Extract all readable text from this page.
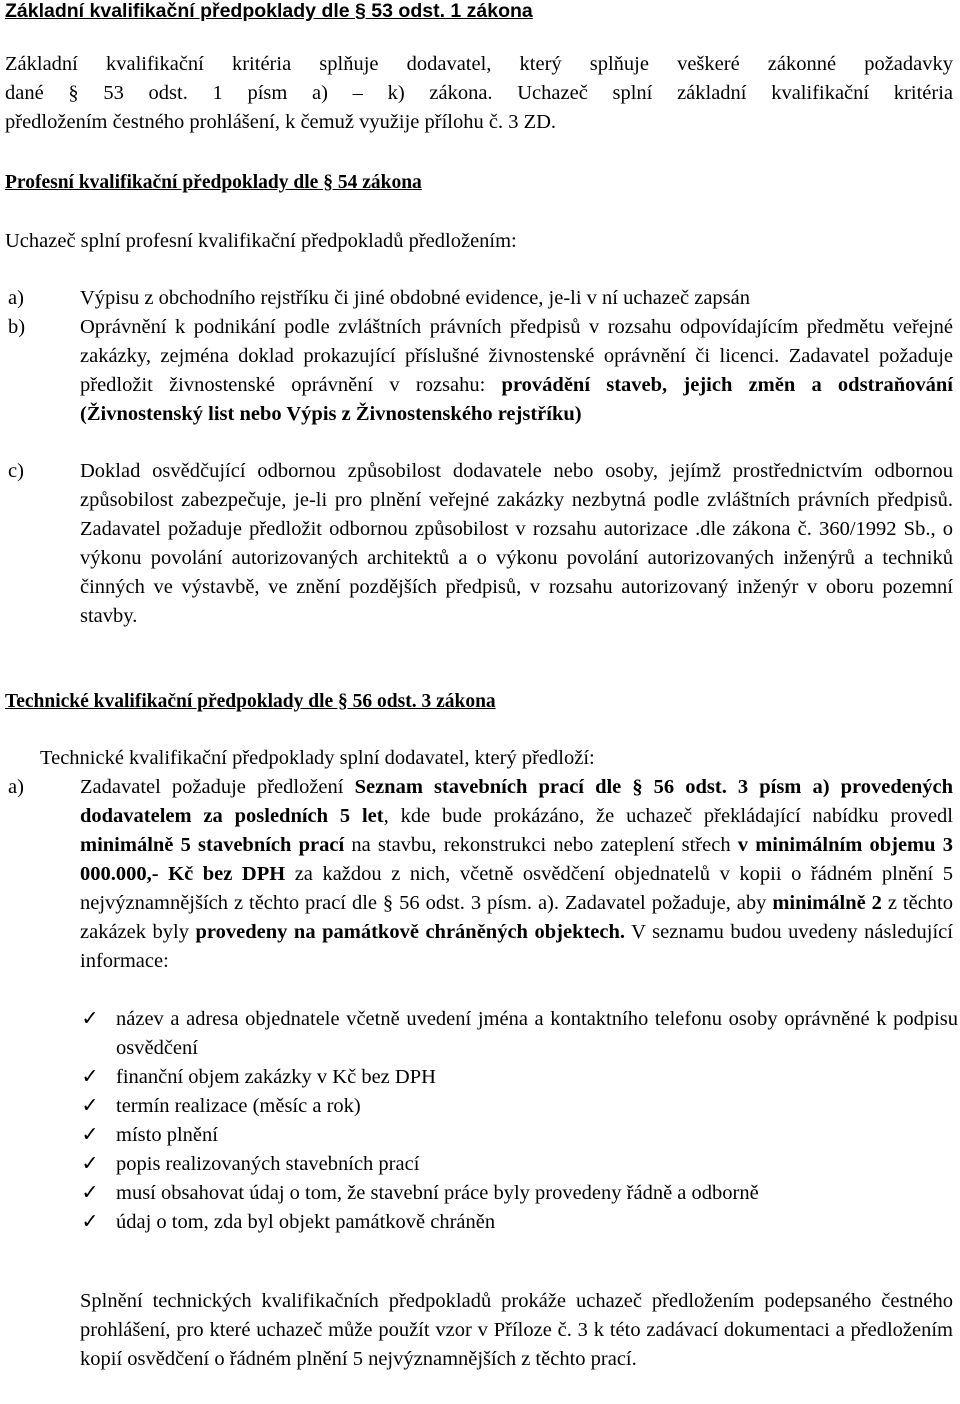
Základní kvalifikační předpoklady dle § 53 odst. 1 zákona
Základní kvalifikační kritéria splňuje dodavatel, který splňuje veškeré zákonné požadavky
dané § 53 odst. 1 písm a) – k) zákona. Uchazeč splní základní kvalifikační kritéria
předložením čestného prohlášení, k čemuž využije přílohu č. 3 ZD.
Profesní kvalifikační předpoklady dle § 54 zákona
Uchazeč splní profesní kvalifikační předpokladů předložením:
a)	Výpisu z obchodního rejstříku či jiné obdobné evidence, je-li v ní uchazeč zapsán
b)	Oprávnění k podnikání podle zvláštních právních předpisů v rozsahu odpovídajícím předmětu veřejné zakázky, zejména doklad prokazující příslušné živnostenské oprávnění či licenci. Zadavatel požaduje předložit živnostenské oprávnění v rozsahu: provádění staveb, jejich změn a odstraňování (Živnostenský list nebo Výpis z Živnostenského rejstříku)
c)	Doklad osvědčující odbornou způsobilost dodavatele nebo osoby, jejímž prostřednictvím odbornou způsobilost zabezpečuje, je-li pro plnění veřejné zakázky nezbytná podle zvláštních právních předpisů. Zadavatel požaduje předložit odbornou způsobilost v rozsahu autorizace .dle zákona č. 360/1992 Sb., o výkonu povolání autorizovaných architektů a o výkonu povolání autorizovaných inženýrů a techniků činných ve výstavbě, ve znění pozdějších předpisů, v rozsahu autorizovaný inženýr v oboru pozemní stavby.
Technické kvalifikační předpoklady dle § 56 odst. 3 zákona
Technické kvalifikační předpoklady splní dodavatel, který předloží:
a)	Zadavatel požaduje předložení Seznam stavebních prací dle § 56 odst. 3 písm a) provedených dodavatelem za posledních 5 let, kde bude prokázáno, že uchazeč překládající nabídku provedl minimálně 5 stavebních prací na stavbu, rekonstrukci nebo zateplení střech v minimálním objemu 3 000.000,- Kč bez DPH za každou z nich, včetně osvědčení objednatelů v kopii o řádném plnění 5 nejvýznamnějších z těchto prací dle § 56 odst. 3 písm. a). Zadavatel požaduje, aby minimálně 2 z těchto zakázek byly provedeny na památkově chráněných objektech. V seznamu budou uvedeny následující informace:
✓ název a adresa objednatele včetně uvedení jména a kontaktního telefonu osoby oprávněné k podpisu osvědčení
✓ finanční objem zakázky v Kč bez DPH
✓ termín realizace (měsíc a rok)
✓ místo plnění
✓ popis realizovaných stavebních prací
✓ musí obsahovat údaj o tom, že stavební práce byly provedeny řádně a odborně
✓ údaj o tom, zda byl objekt památkově chráněn
Splnění technických kvalifikačních předpokladů prokáže uchazeč předložením podepsaného čestného prohlášení, pro které uchazeč může použít vzor v Příloze č. 3 k této zadávací dokumentaci a předložením kopií osvědčení o řádném plnění 5 nejvýznamnějších z těchto prací.
